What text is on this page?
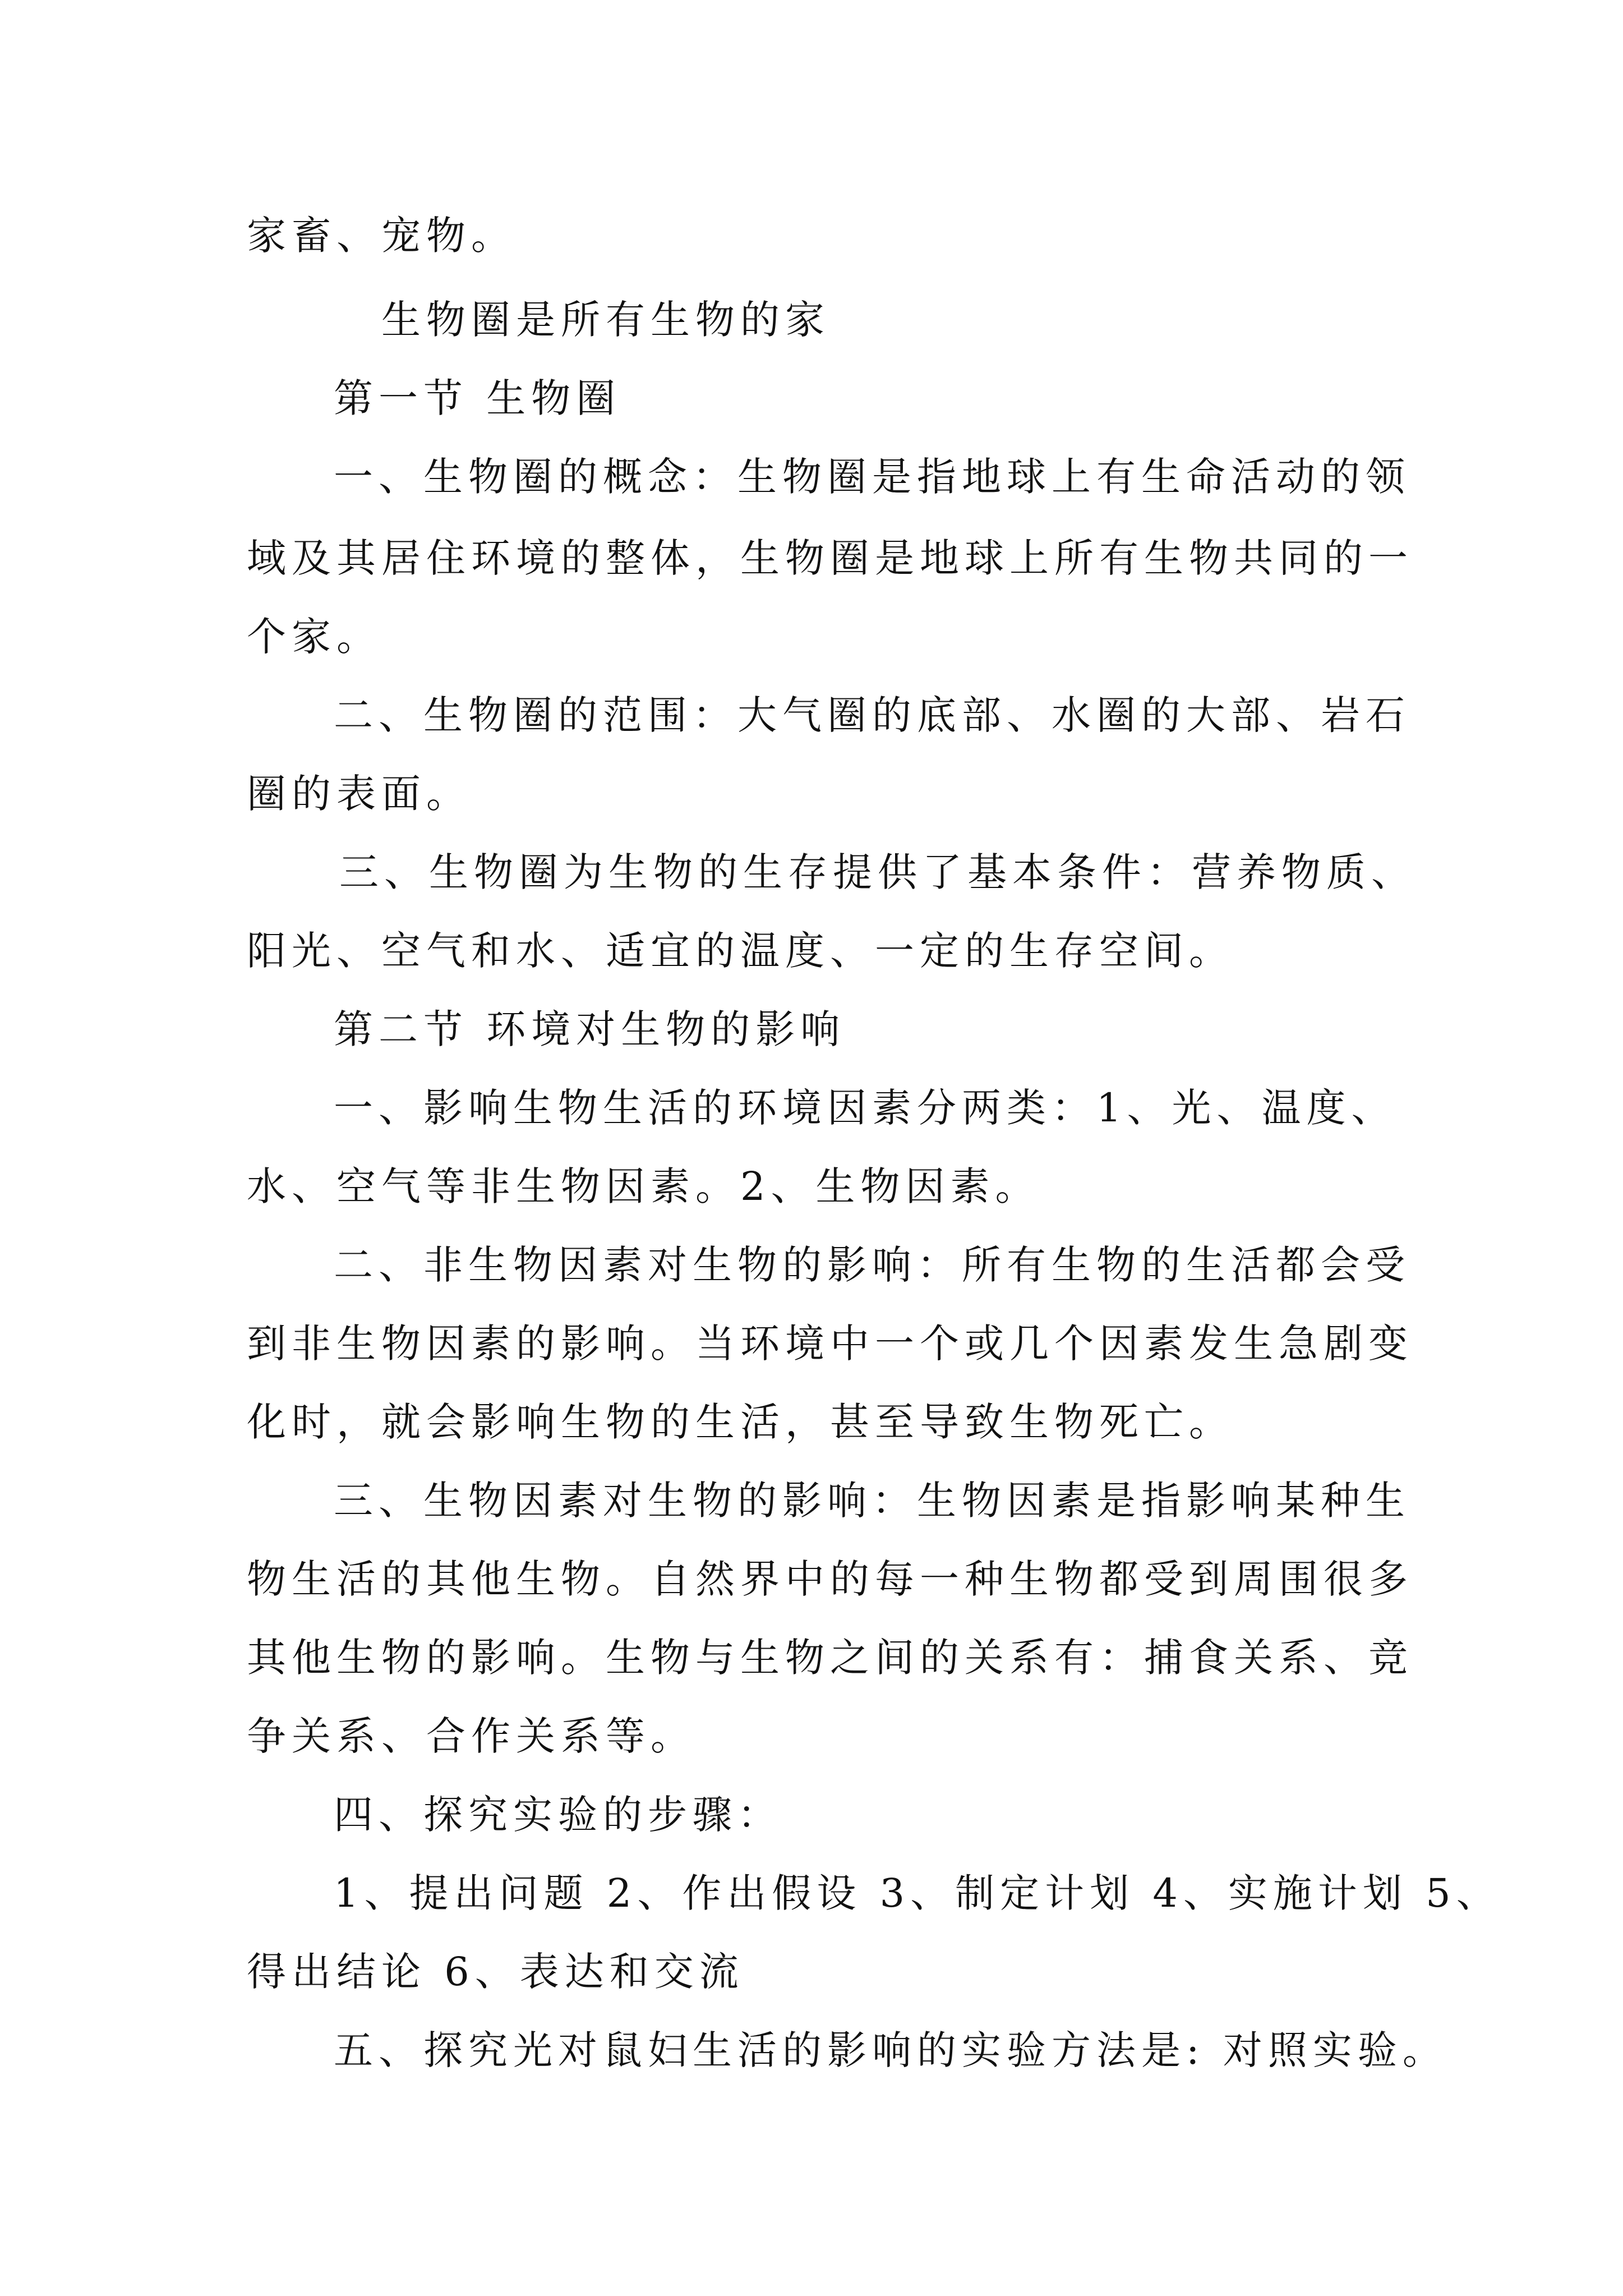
家畜、宠物。
生物圈是所有生物的家
第一节 生物圈
一、生物圈的概念：生物圈是指地球上有生命活动的领
域及其居住环境的整体，生物圈是地球上所有生物共同的一
个家。
二、生物圈的范围：大气圈的底部、水圈的大部、岩石
圈的表面。
三、生物圈为生物的生存提供了基本条件：营养物质、
阳光、空气和水、适宜的温度、一定的生存空间。
第二节 环境对生物的影响
一、影响生物生活的环境因素分两类：1、光、温度、
水、空气等非生物因素。2、生物因素。
二、非生物因素对生物的影响：所有生物的生活都会受
到非生物因素的影响。当环境中一个或几个因素发生急剧变
化时，就会影响生物的生活，甚至导致生物死亡。
三、生物因素对生物的影响：生物因素是指影响某种生
物生活的其他生物。自然界中的每一种生物都受到周围很多
其他生物的影响。生物与生物之间的关系有：捕食关系、竞
争关系、合作关系等。
四、探究实验的步骤：
1、提出问题 2、作出假设 3、制定计划 4、实施计划 5、
得出结论 6、表达和交流
五、探究光对鼠妇生活的影响的实验方法是: 对照实验。
